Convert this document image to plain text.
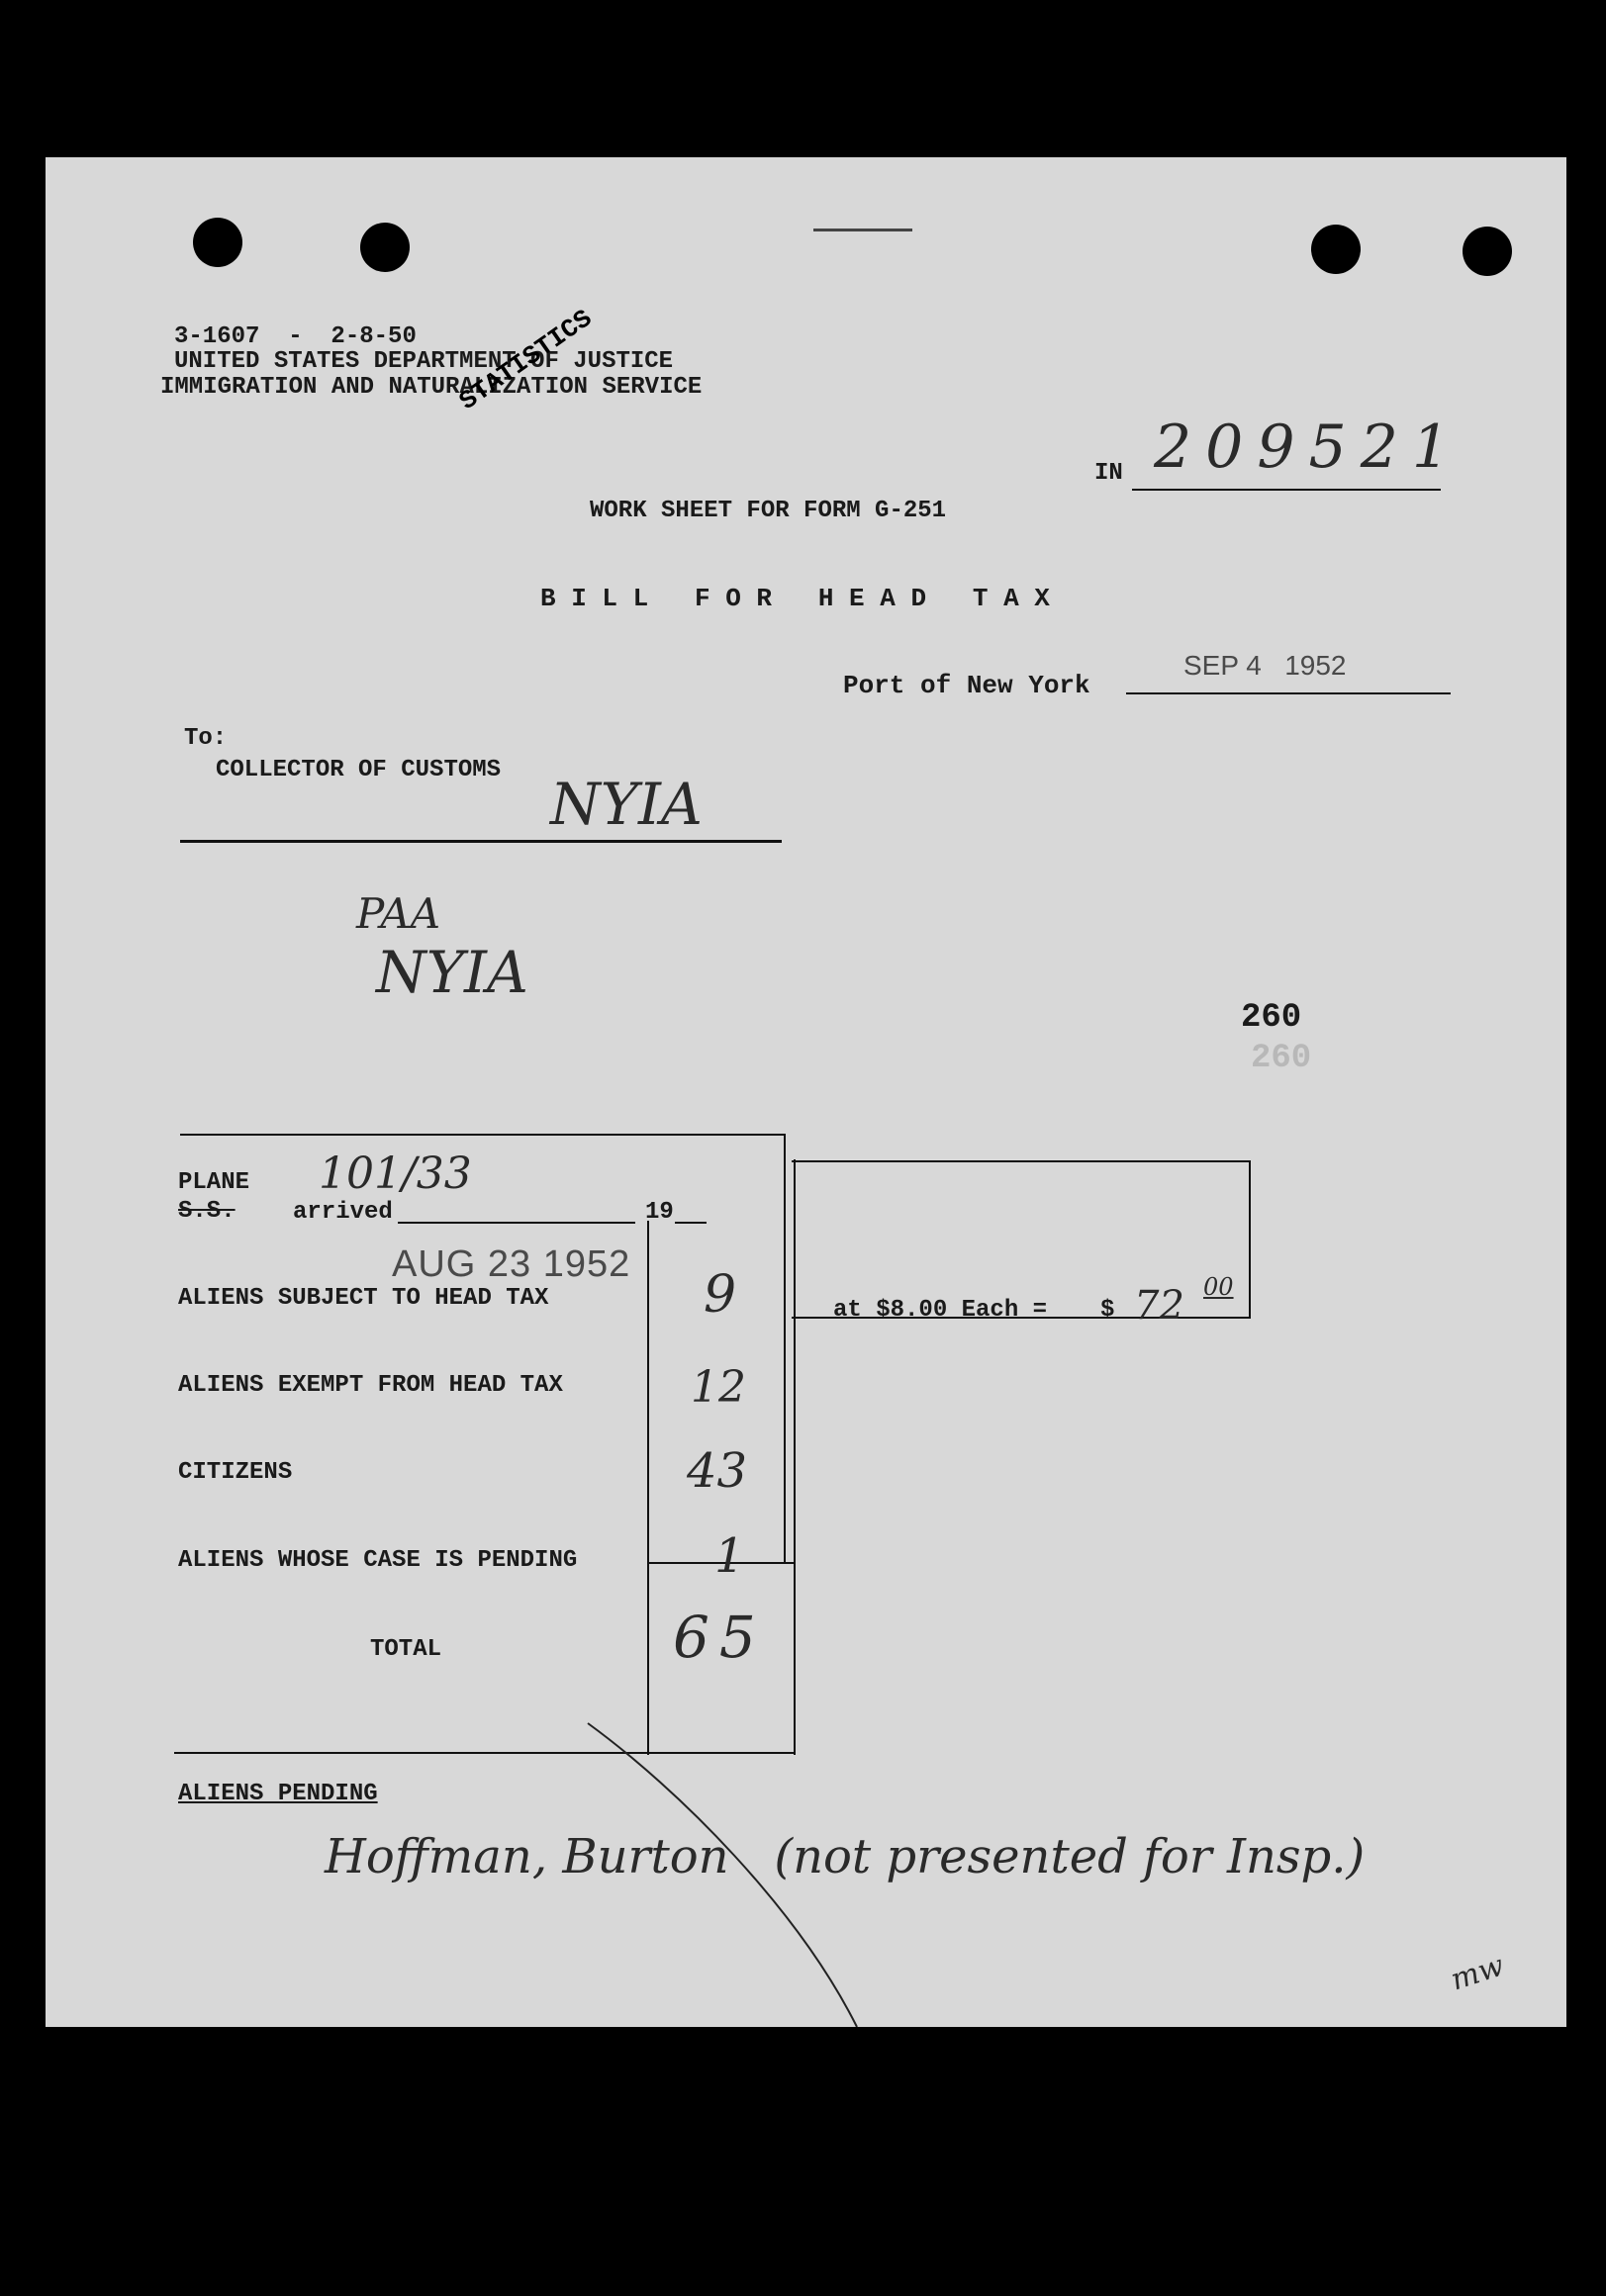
3-1607  -  2-8-50
UNITED STATES DEPARTMENT OF JUSTICE
IMMIGRATION AND NATURALIZATION SERVICE
STATISTICS
IN 209521
WORK SHEET FOR FORM G-251
B I L L   F O R   H E A D   T A X
Port of New York
SEP 4   1952
To:
COLLECTOR OF CUSTOMS
NYIA
PAA
NYIA
260
260
PLANE 101/33
S.S. arrived	19
AUG 23 1952
ALIENS SUBJECT TO HEAD TAX	9
ALIENS EXEMPT FROM HEAD TAX	12
CITIZENS	43
ALIENS WHOSE CASE IS PENDING	1
TOTAL	65
at $8.00 Each = $ 72 00
ALIENS PENDING
Hoffman, Burton   (not presented for Insp.)
mw
